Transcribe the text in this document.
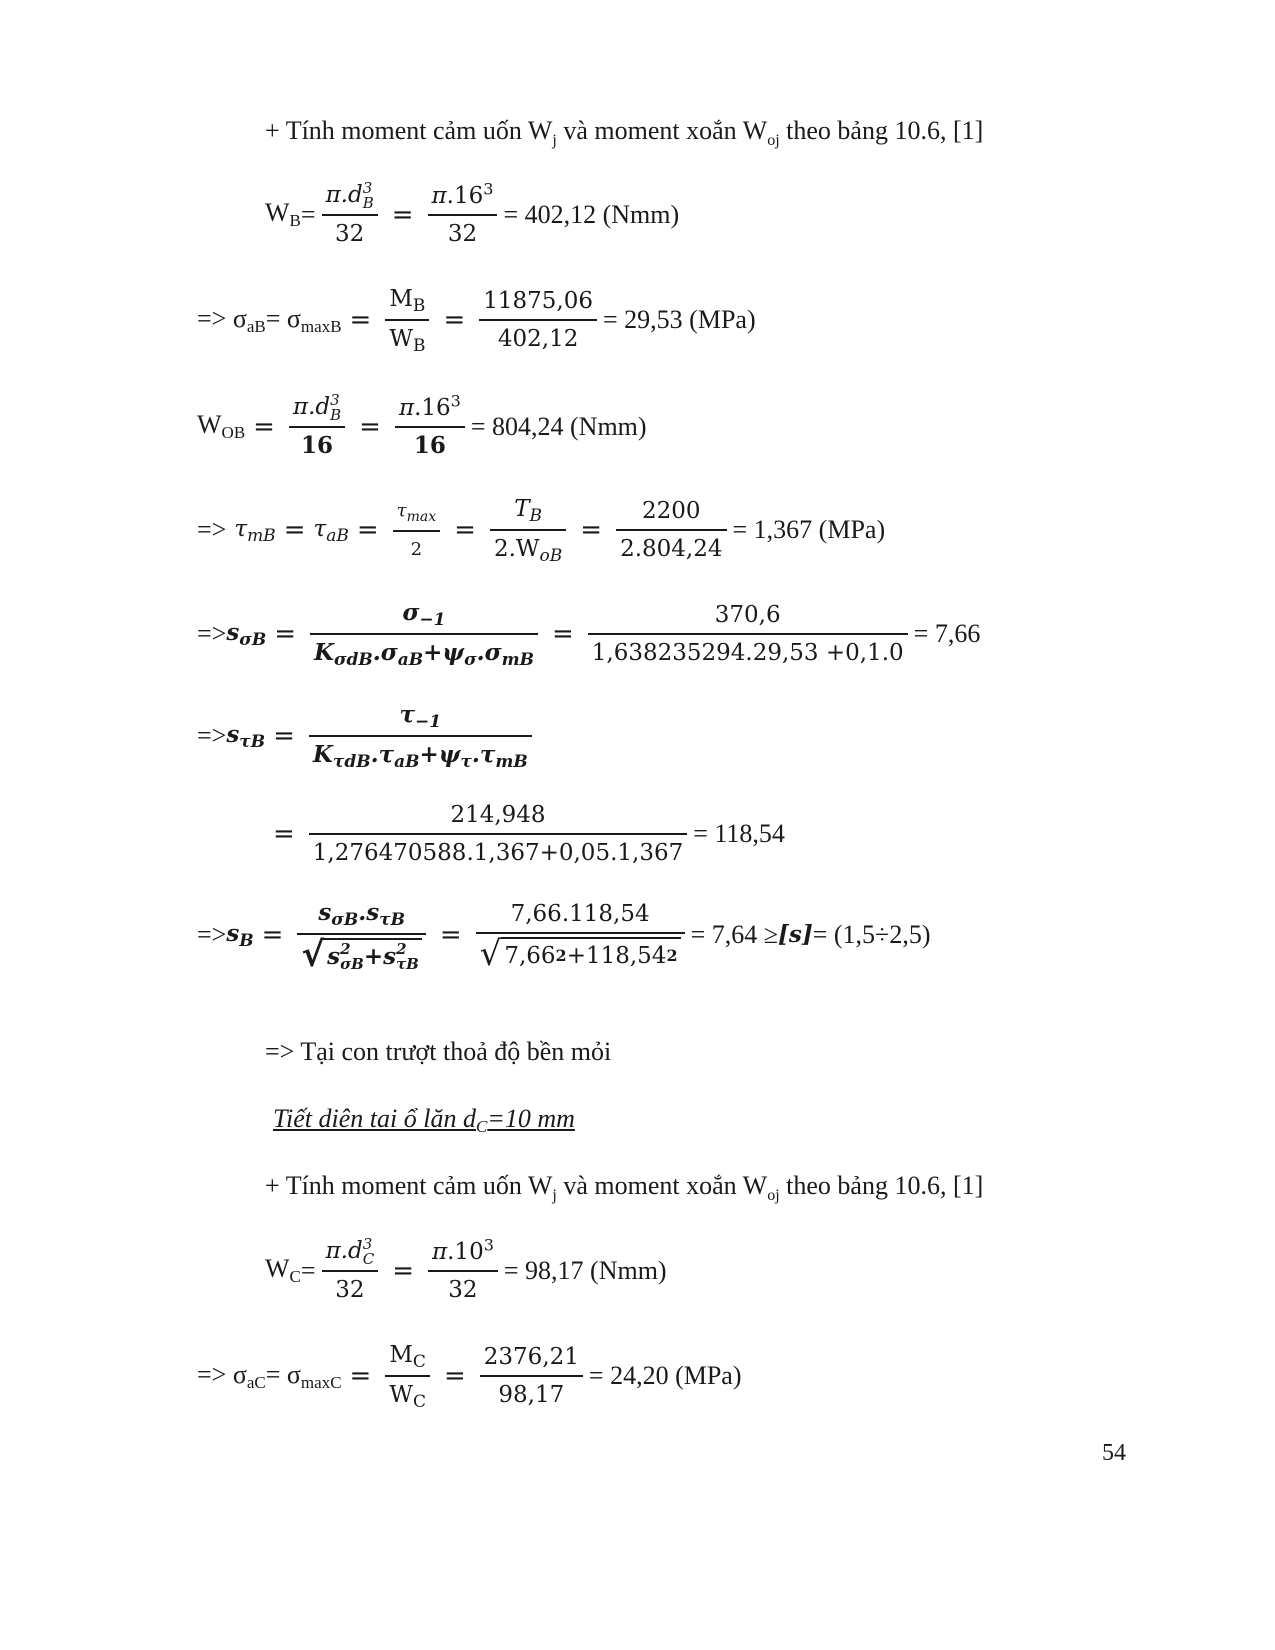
+ Tính moment cảm uốn $W_j$ và moment xoắn $W_{oj}$ theo bảng 10.6, [1]
WB = π.d 3
B
$32 = \frac{\pi.16^3}{32} = 402,12$ (Nmm)
=> $\sigma aB= \sigma\max B = \frac{M_B}{W_B} = \frac{11875,06}{402,12} = 29,53$ (MPa)
WOB = π.d 3
B
$16 = \frac{\pi.16^3}{16} = 804,24$ (Nmm)
=> $\tau_{mB} = \tau_{aB} = \frac{\tau_{max}}{2} = \frac{T_B}{2.W_{oB}} = \frac{2200}{2.804,24} = 1,367$ (MPa)
=> $s_{\sigma B} = \frac{\sigma_{-1}}{K_{\sigma dB}.\sigma_{aB}+\psi_\sigma.\sigma_{mB}} = \frac{370,6}{1,638235294.29,53 +0,1.0} = 7,66$
=> $s_{\tau B} = \frac{\tau_{-1}}{K_{\tau dB}.\tau_{aB}+\psi_\tau.\tau_{mB}}$
= $\frac{214,948}{1,276470588.1,367+0,05.1,367} = 118,54$
=> $s_B = s_{\sigma B}.s_{\tau B}$
√ s 2
σB +s 2
$\tau B = \frac{7,66.118,54}{√ 7,66 2 +118,54 2} = 7,64 \ge [s] = (1,5\div 2,5)$
=> Tại con trượt thoả độ bền mỏi
Tiết diên tai ổ lăn dC=10 mm
+ Tính moment cảm uốn $W_j$ và moment xoắn $W_{oj}$ theo bảng 10.6, [1]
WC = π.d 3
C
$32 = \frac{\pi.10^3}{32} = 98,17$ (Nmm)
=> $\sigma aC= \sigma\max C = \frac{M_C}{W_C} = \frac{2376,21}{98,17} = 24,20$ (MPa)
54
